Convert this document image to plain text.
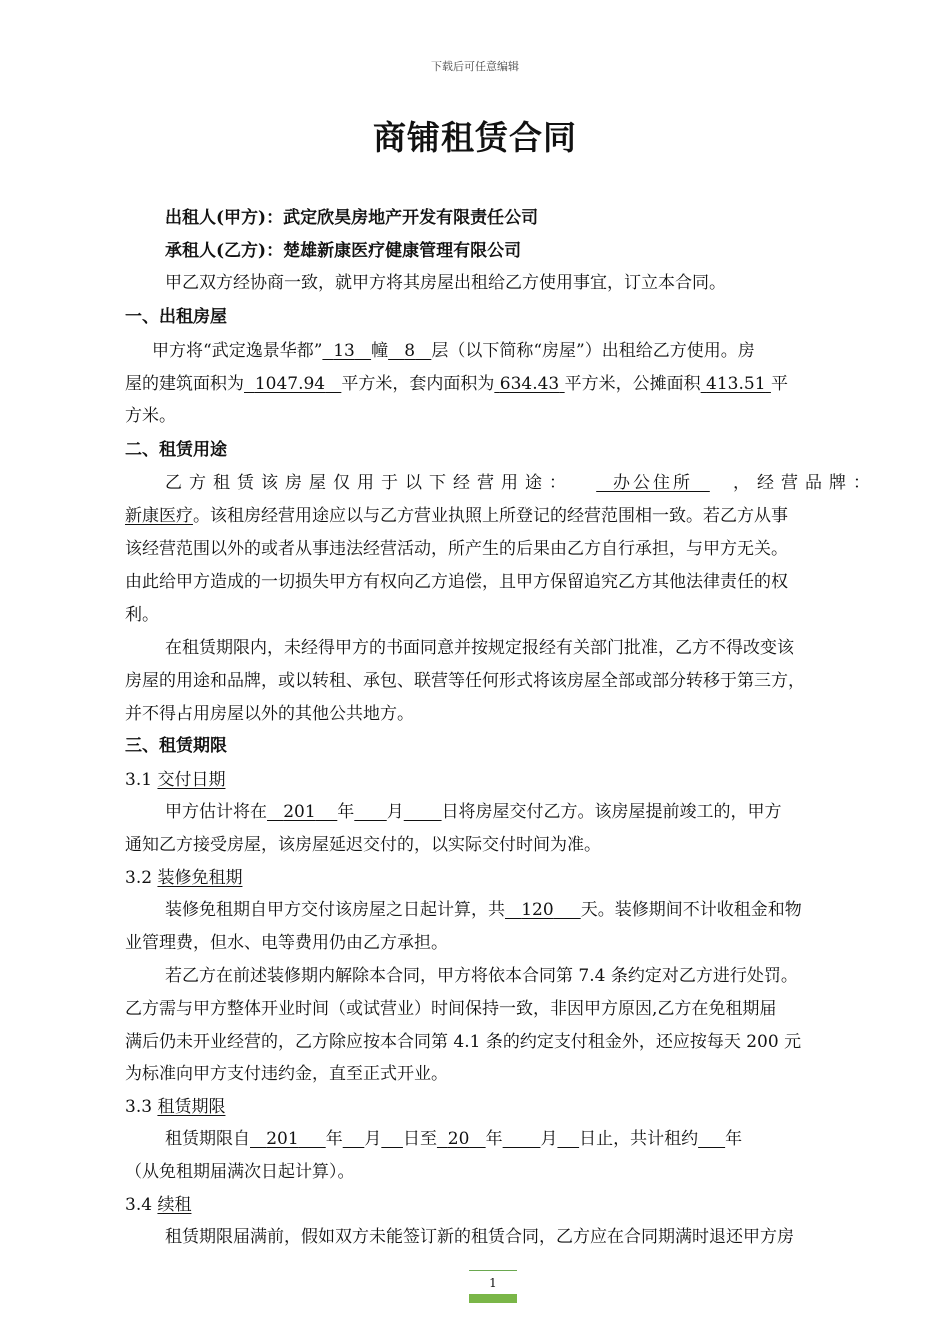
下载后可任意编辑
商铺租赁合同
出租人(甲方)：武定欣昊房地产开发有限责任公司
承租人(乙方)：楚雄新康医疗健康管理有限公司
甲乙双方经协商一致，就甲方将其房屋出租给乙方使用事宜，订立本合同。
一、出租房屋
甲方将“武定逸景华都” 13 幢 8 层（以下简称“房屋”）出租给乙方使用。房
屋的建筑面积为 1047.94 平方米，套内面积为 634.43 平方米，公摊面积 413.51 平
方米。
二、租赁用途
乙方租赁该房屋仅用于以下经营用途：	办公住所	，经营品牌：
新康医疗。该租房经营用途应以与乙方营业执照上所登记的经营范围相一致。若乙方从事
该经营范围以外的或者从事违法经营活动，所产生的后果由乙方自行承担，与甲方无关。
由此给甲方造成的一切损失甲方有权向乙方追偿，且甲方保留追究乙方其他法律责任的权
利。
在租赁期限内，未经得甲方的书面同意并按规定报经有关部门批准，乙方不得改变该
房屋的用途和品牌，或以转租、承包、联营等任何形式将该房屋全部或部分转移于第三方，
并不得占用房屋以外的其他公共地方。
三、租赁期限
3.1 交付日期
甲方估计将在 201 年 月 日将房屋交付乙方。该房屋提前竣工的，甲方
通知乙方接受房屋，该房屋延迟交付的，以实际交付时间为准。
3.2 装修免租期
装修免租期自甲方交付该房屋之日起计算，共 120 天。装修期间不计收租金和物
业管理费，但水、电等费用仍由乙方承担。
若乙方在前述装修期内解除本合同，甲方将依本合同第 7.4 条约定对乙方进行处罚。
乙方需与甲方整体开业时间（或试营业）时间保持一致，非因甲方原因,乙方在免租期届
满后仍未开业经营的，乙方除应按本合同第 4.1 条的约定支付租金外，还应按每天 200 元
为标准向甲方支付违约金，直至正式开业。
3.3 租赁期限
租赁期限自 201 年 月 日至 20 年 月 日止，共计租约 年
（从免租期届满次日起计算）。
3.4 续租
租赁期限届满前，假如双方未能签订新的租赁合同，乙方应在合同期满时退还甲方房
1
